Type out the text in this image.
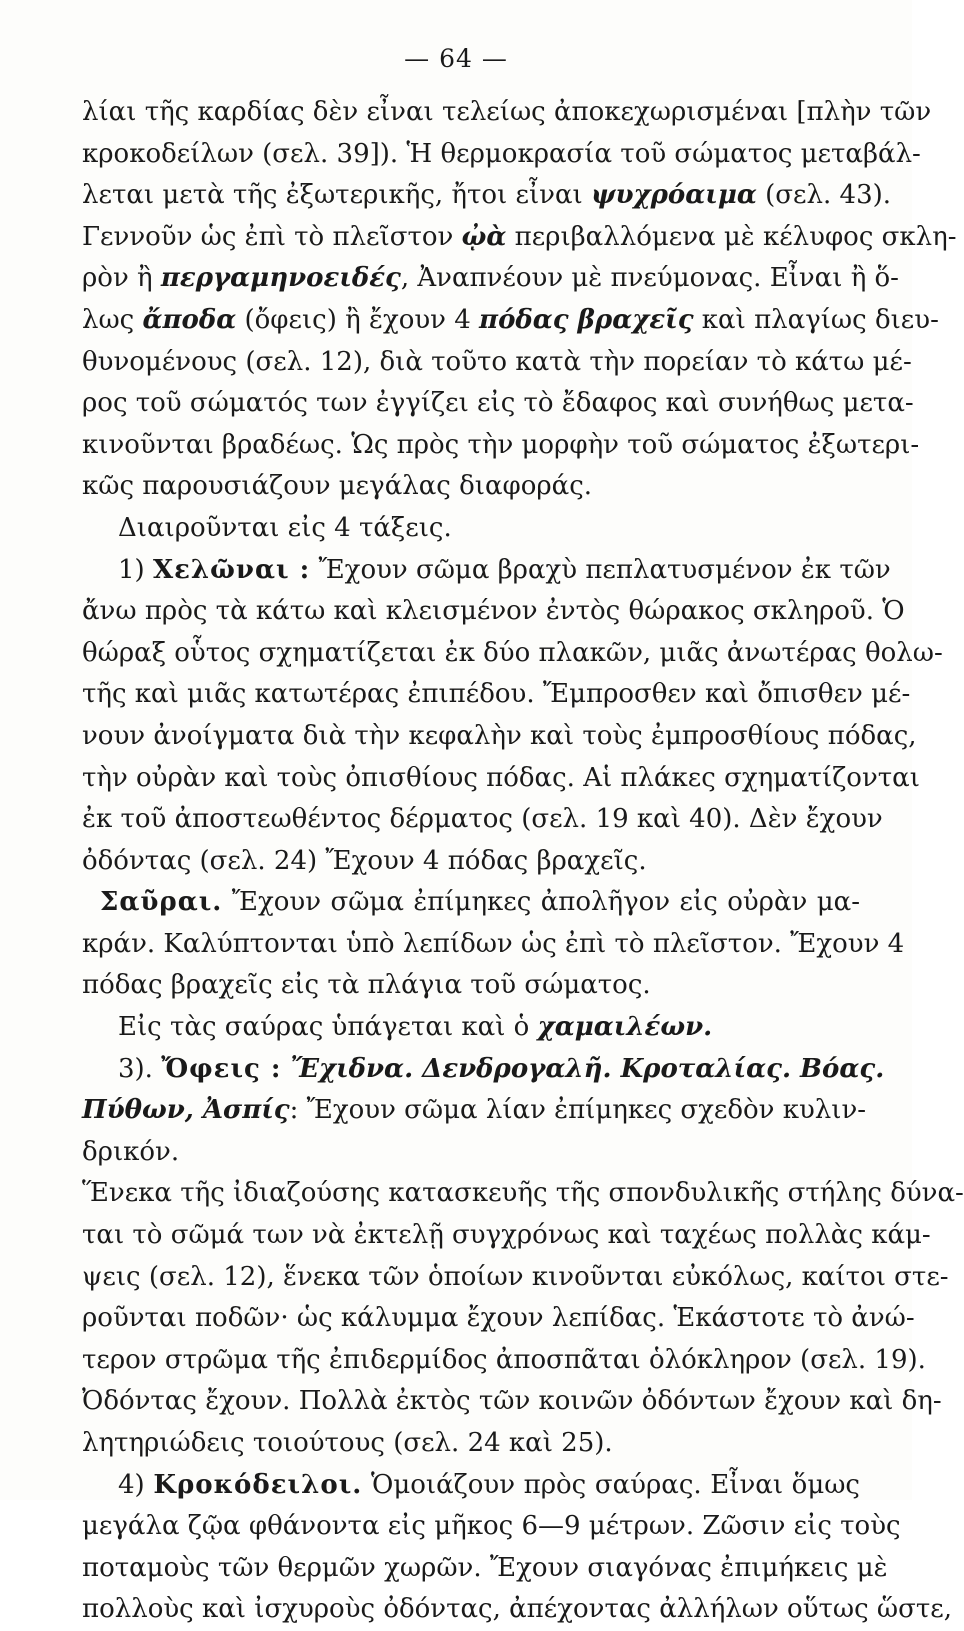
— 64 —
λίαι τῆς καρδίας δὲν εἶναι τελείως ἀποκεχωρισμέναι [πλὴν τῶν
κροκοδείλων (σελ. 39]). Ἡ θερμοκρασία τοῦ σώματος μεταβάλ-
λεται μετὰ τῆς ἐξωτερικῆς, ἤτοι εἶναι ψυχρόαιμα (σελ. 43).
Γεννοῦν ὡς ἐπὶ τὸ πλεῖστον ᾠὰ περιβαλλόμενα μὲ κέλυφος σκλη-
ρὸν ἢ περγαμηνοειδές, Ἀναπνέουν μὲ πνεύμονας. Εἶναι ἢ ὅ-
λως ἄποδα (ὄφεις) ἢ ἔχουν 4 πόδας βραχεῖς καὶ πλαγίως διευ-
θυνομένους (σελ. 12), διὰ τοῦτο κατὰ τὴν πορείαν τὸ κάτω μέ-
ρος τοῦ σώματός των ἐγγίζει εἰς τὸ ἔδαφος καὶ συνήθως μετα-
κινοῦνται βραδέως. Ὡς πρὸς τὴν μορφὴν τοῦ σώματος ἐξωτερι-
κῶς παρουσιάζουν μεγάλας διαφοράς.
Διαιροῦνται εἰς 4 τάξεις.
1) Χελῶναι : Ἔχουν σῶμα βραχὺ πεπλατυσμένον ἐκ τῶν
ἄνω πρὸς τὰ κάτω καὶ κλεισμένον ἐντὸς θώρακος σκληροῦ. Ὁ
θώραξ οὗτος σχηματίζεται ἐκ δύο πλακῶν, μιᾶς ἀνωτέρας θολω-
τῆς καὶ μιᾶς κατωτέρας ἐπιπέδου. Ἔμπροσθεν καὶ ὄπισθεν μέ-
νουν ἀνοίγματα διὰ τὴν κεφαλὴν καὶ τοὺς ἐμπροσθίους πόδας,
τὴν οὐρὰν καὶ τοὺς ὀπισθίους πόδας. Αἱ πλάκες σχηματίζονται
ἐκ τοῦ ἀποστεωθέντος δέρματος (σελ. 19 καὶ 40). Δὲν ἔχουν
ὀδόντας (σελ. 24) Ἔχουν 4 πόδας βραχεῖς.
Σαῦραι. Ἔχουν σῶμα ἐπίμηκες ἀπολῆγον εἰς οὐρὰν μα-
κράν. Καλύπτονται ὑπὸ λεπίδων ὡς ἐπὶ τὸ πλεῖστον. Ἔχουν 4
πόδας βραχεῖς εἰς τὰ πλάγια τοῦ σώματος.
Εἰς τὰς σαύρας ὑπάγεται καὶ ὁ χαμαιλέων.
3). Ὄφεις : Ἔχιδνα. Δενδρογαλῆ. Κροταλίας. Βόας.
Πύθων, Ἀσπίς: Ἔχουν σῶμα λίαν ἐπίμηκες σχεδὸν κυλιν-
δρικόν.
Ἕνεκα τῆς ἰδιαζούσης κατασκευῆς τῆς σπονδυλικῆς στήλης δύνα-
ται τὸ σῶμά των νὰ ἐκτελῇ συγχρόνως καὶ ταχέως πολλὰς κάμ-
ψεις (σελ. 12), ἕνεκα τῶν ὁποίων κινοῦνται εὐκόλως, καίτοι στε-
ροῦνται ποδῶν· ὡς κάλυμμα ἔχουν λεπίδας. Ἑκάστοτε τὸ ἀνώ-
τερον στρῶμα τῆς ἐπιδερμίδος ἀποσπᾶται ὁλόκληρον (σελ. 19).
Ὀδόντας ἔχουν. Πολλὰ ἐκτὸς τῶν κοινῶν ὀδόντων ἔχουν καὶ δη-
λητηριώδεις τοιούτους (σελ. 24 καὶ 25).
4) Κροκόδειλοι. Ὁμοιάζουν πρὸς σαύρας. Εἶναι ὅμως
μεγάλα ζῷα φθάνοντα εἰς μῆκος 6—9 μέτρων. Ζῶσιν εἰς τοὺς
ποταμοὺς τῶν θερμῶν χωρῶν. Ἔχουν σιαγόνας ἐπιμήκεις μὲ
πολλοὺς καὶ ἰσχυροὺς ὀδόντας, ἀπέχοντας ἀλλήλων οὕτως ὥστε,
